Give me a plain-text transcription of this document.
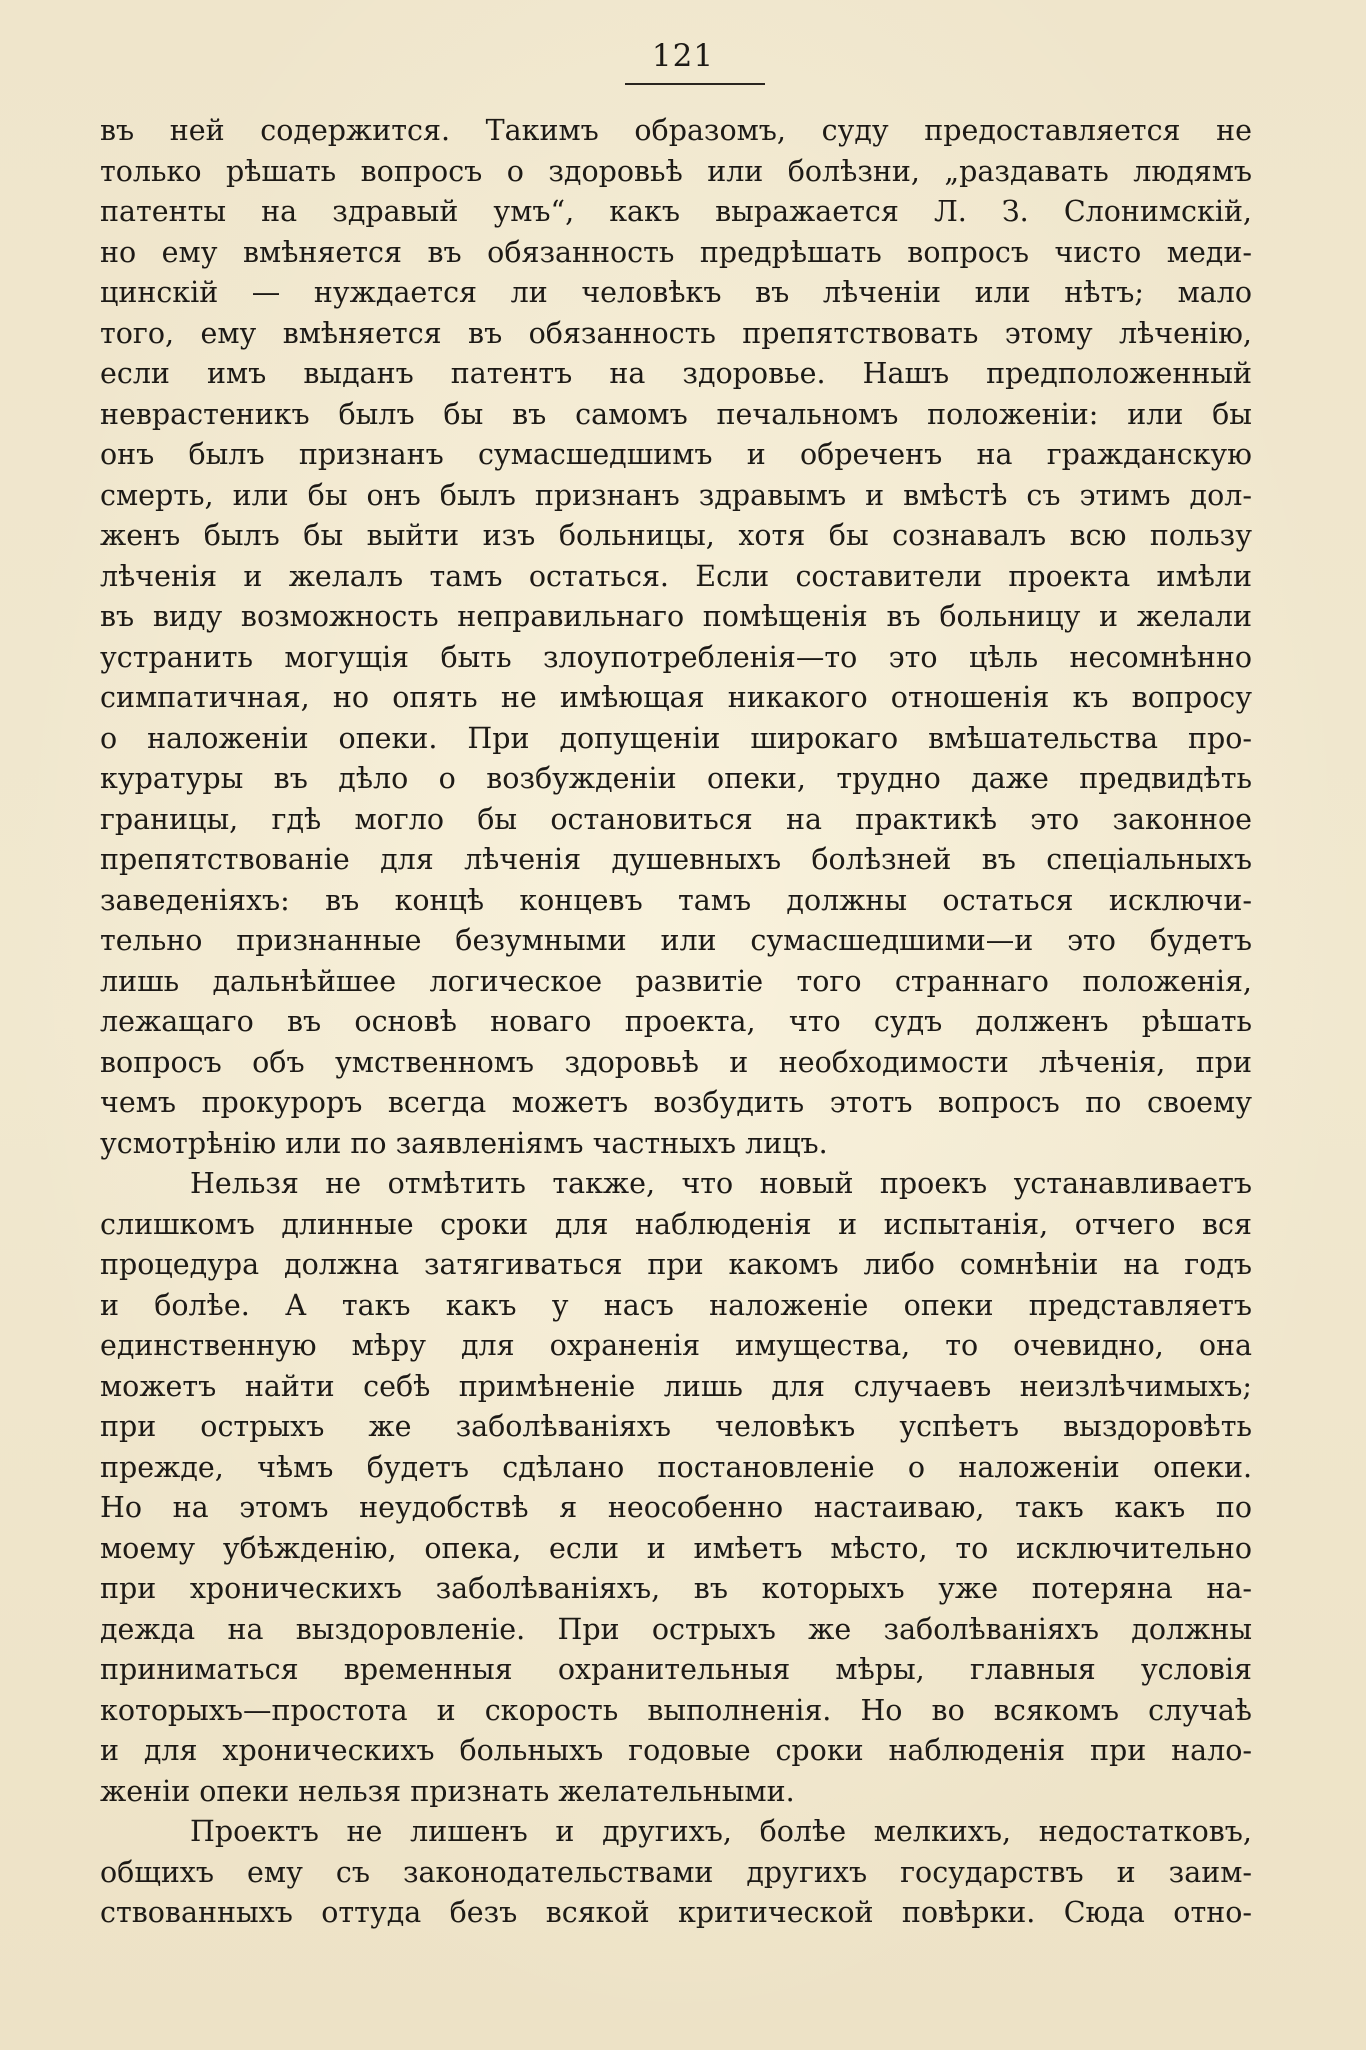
121
въ ней содержится. Такимъ образомъ, суду предоставляется не
только рѣшать вопросъ о здоровьѣ или болѣзни, „раздавать людямъ
патенты на здравый умъ“, какъ выражается Л. З. Слонимскiй,
но ему вмѣняется въ обязанность предрѣшать вопросъ чисто меди-
цинскiй — нуждается ли человѣкъ въ лѣченiи или нѣтъ; мало
того, ему вмѣняется въ обязанность препятствовать этому лѣченiю,
если имъ выданъ патентъ на здоровье. Нашъ предположенный
неврастеникъ былъ бы въ самомъ печальномъ положенiи: или бы
онъ былъ признанъ сумасшедшимъ и обреченъ на гражданскую
смерть, или бы онъ былъ признанъ здравымъ и вмѣстѣ съ этимъ дол-
женъ былъ бы выйти изъ больницы, хотя бы сознавалъ всю пользу
лѣченiя и желалъ тамъ остаться. Если составители проекта имѣли
въ виду возможность неправильнаго помѣщенiя въ больницу и желали
устранить могущiя быть злоупотребленiя—то это цѣль несомнѣнно
симпатичная, но опять не имѣющая никакого отношенiя къ вопросу
о наложенiи опеки. При допущенiи широкаго вмѣшательства про-
куратуры въ дѣло о возбужденiи опеки, трудно даже предвидѣть
границы, гдѣ могло бы остановиться на практикѣ это законное
препятствованiе для лѣченiя душевныхъ болѣзней въ спецiальныхъ
заведенiяхъ: въ концѣ концевъ тамъ должны остаться исключи-
тельно признанные безумными или сумасшедшими—и это будетъ
лишь дальнѣйшее логическое развитiе того страннаго положенiя,
лежащаго въ основѣ новаго проекта, что судъ долженъ рѣшать
вопросъ объ умственномъ здоровьѣ и необходимости лѣченiя, при
чемъ прокуроръ всегда можетъ возбудить этотъ вопросъ по своему
усмотрѣнiю или по заявленiямъ частныхъ лицъ.
Нельзя не отмѣтить также, что новый проекъ устанавливаетъ
слишкомъ длинные сроки для наблюденiя и испытанiя, отчего вся
процедура должна затягиваться при какомъ либо сомнѣнiи на годъ
и болѣе. А такъ какъ у насъ наложенiе опеки представляетъ
единственную мѣру для охраненiя имущества, то очевидно, она
можетъ найти себѣ примѣненiе лишь для случаевъ неизлѣчимыхъ;
при острыхъ же заболѣванiяхъ человѣкъ успѣетъ выздоровѣть
прежде, чѣмъ будетъ сдѣлано постановленiе о наложенiи опеки.
Но на этомъ неудобствѣ я неособенно настаиваю, такъ какъ по
моему убѣжденiю, опека, если и имѣетъ мѣсто, то исключительно
при хроническихъ заболѣванiяхъ, въ которыхъ уже потеряна на-
дежда на выздоровленiе. При острыхъ же заболѣванiяхъ должны
приниматься временныя охранительныя мѣры, главныя условiя
которыхъ—простота и скорость выполненiя. Но во всякомъ случаѣ
и для хроническихъ больныхъ годовые сроки наблюденiя при нало-
женiи опеки нельзя признать желательными.
Проектъ не лишенъ и другихъ, болѣе мелкихъ, недостатковъ,
общихъ ему съ законодательствами другихъ государствъ и заим-
ствованныхъ оттуда безъ всякой критической повѣрки. Сюда отно-
